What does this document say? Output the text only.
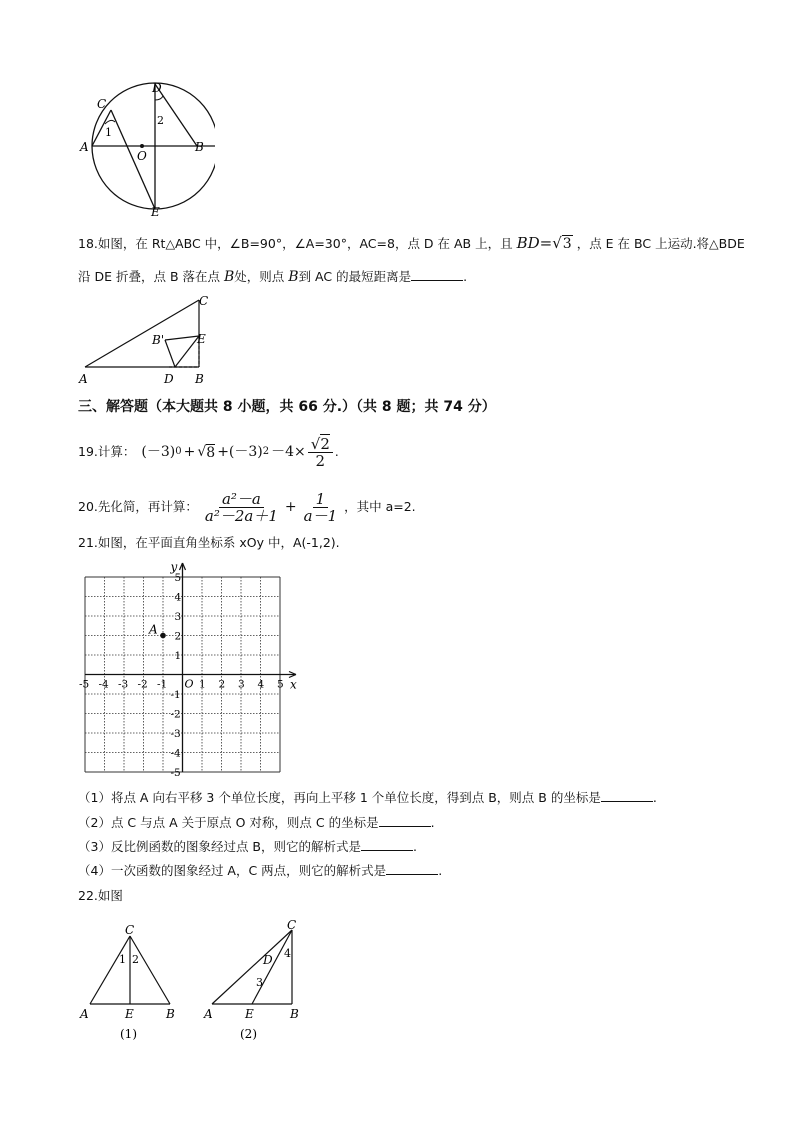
C
D
A	B
O
E
1
2
18.如图，在 Rt△ABC 中，∠B=90°，∠A=30°，AC=8，点 D 在 AB 上，且 BD=√3 ，点 E 在 BC 上运动.将△BDE
沿 DE 折叠，点 B 落在点 B处，则点 B到 AC 的最短距离是	.
C
B'	E
A	D B
三、解答题（本大题共 8 小题，共 66 分.）（共 8 题；共 74 分）
19.计算： (－3) 0 + √ 8 +(－3) $2 -4\times \frac{√2}{2}$ .
20.先化简，再计算： $\frac{\text{a²－a}}{\text{a²－2a＋1}} + \frac{1}{a-1}$ ，其中 a=2.
21.如图，在平面直角坐标系 xOy 中，A(-1,2).
-5 -4 -3 -2 -1	1 2 3 4 5
5
4
3
2
1
-1
-2
-3
-4
-5
O	x
y
A
（1）将点 A 向右平移 3 个单位长度，再向上平移 1 个单位长度，得到点 B，则点 B 的坐标是	.
（2）点 C 与点 A 关于原点 O 对称，则点 C 的坐标是	.
（3）反比例函数的图象经过点 B，则它的解析式是	.
（4）一次函数的图象经过 A，C 两点，则它的解析式是	.
22.如图
C
1 2
A	E	B
(1)
C
D 4
3
A	E	B
(2)
